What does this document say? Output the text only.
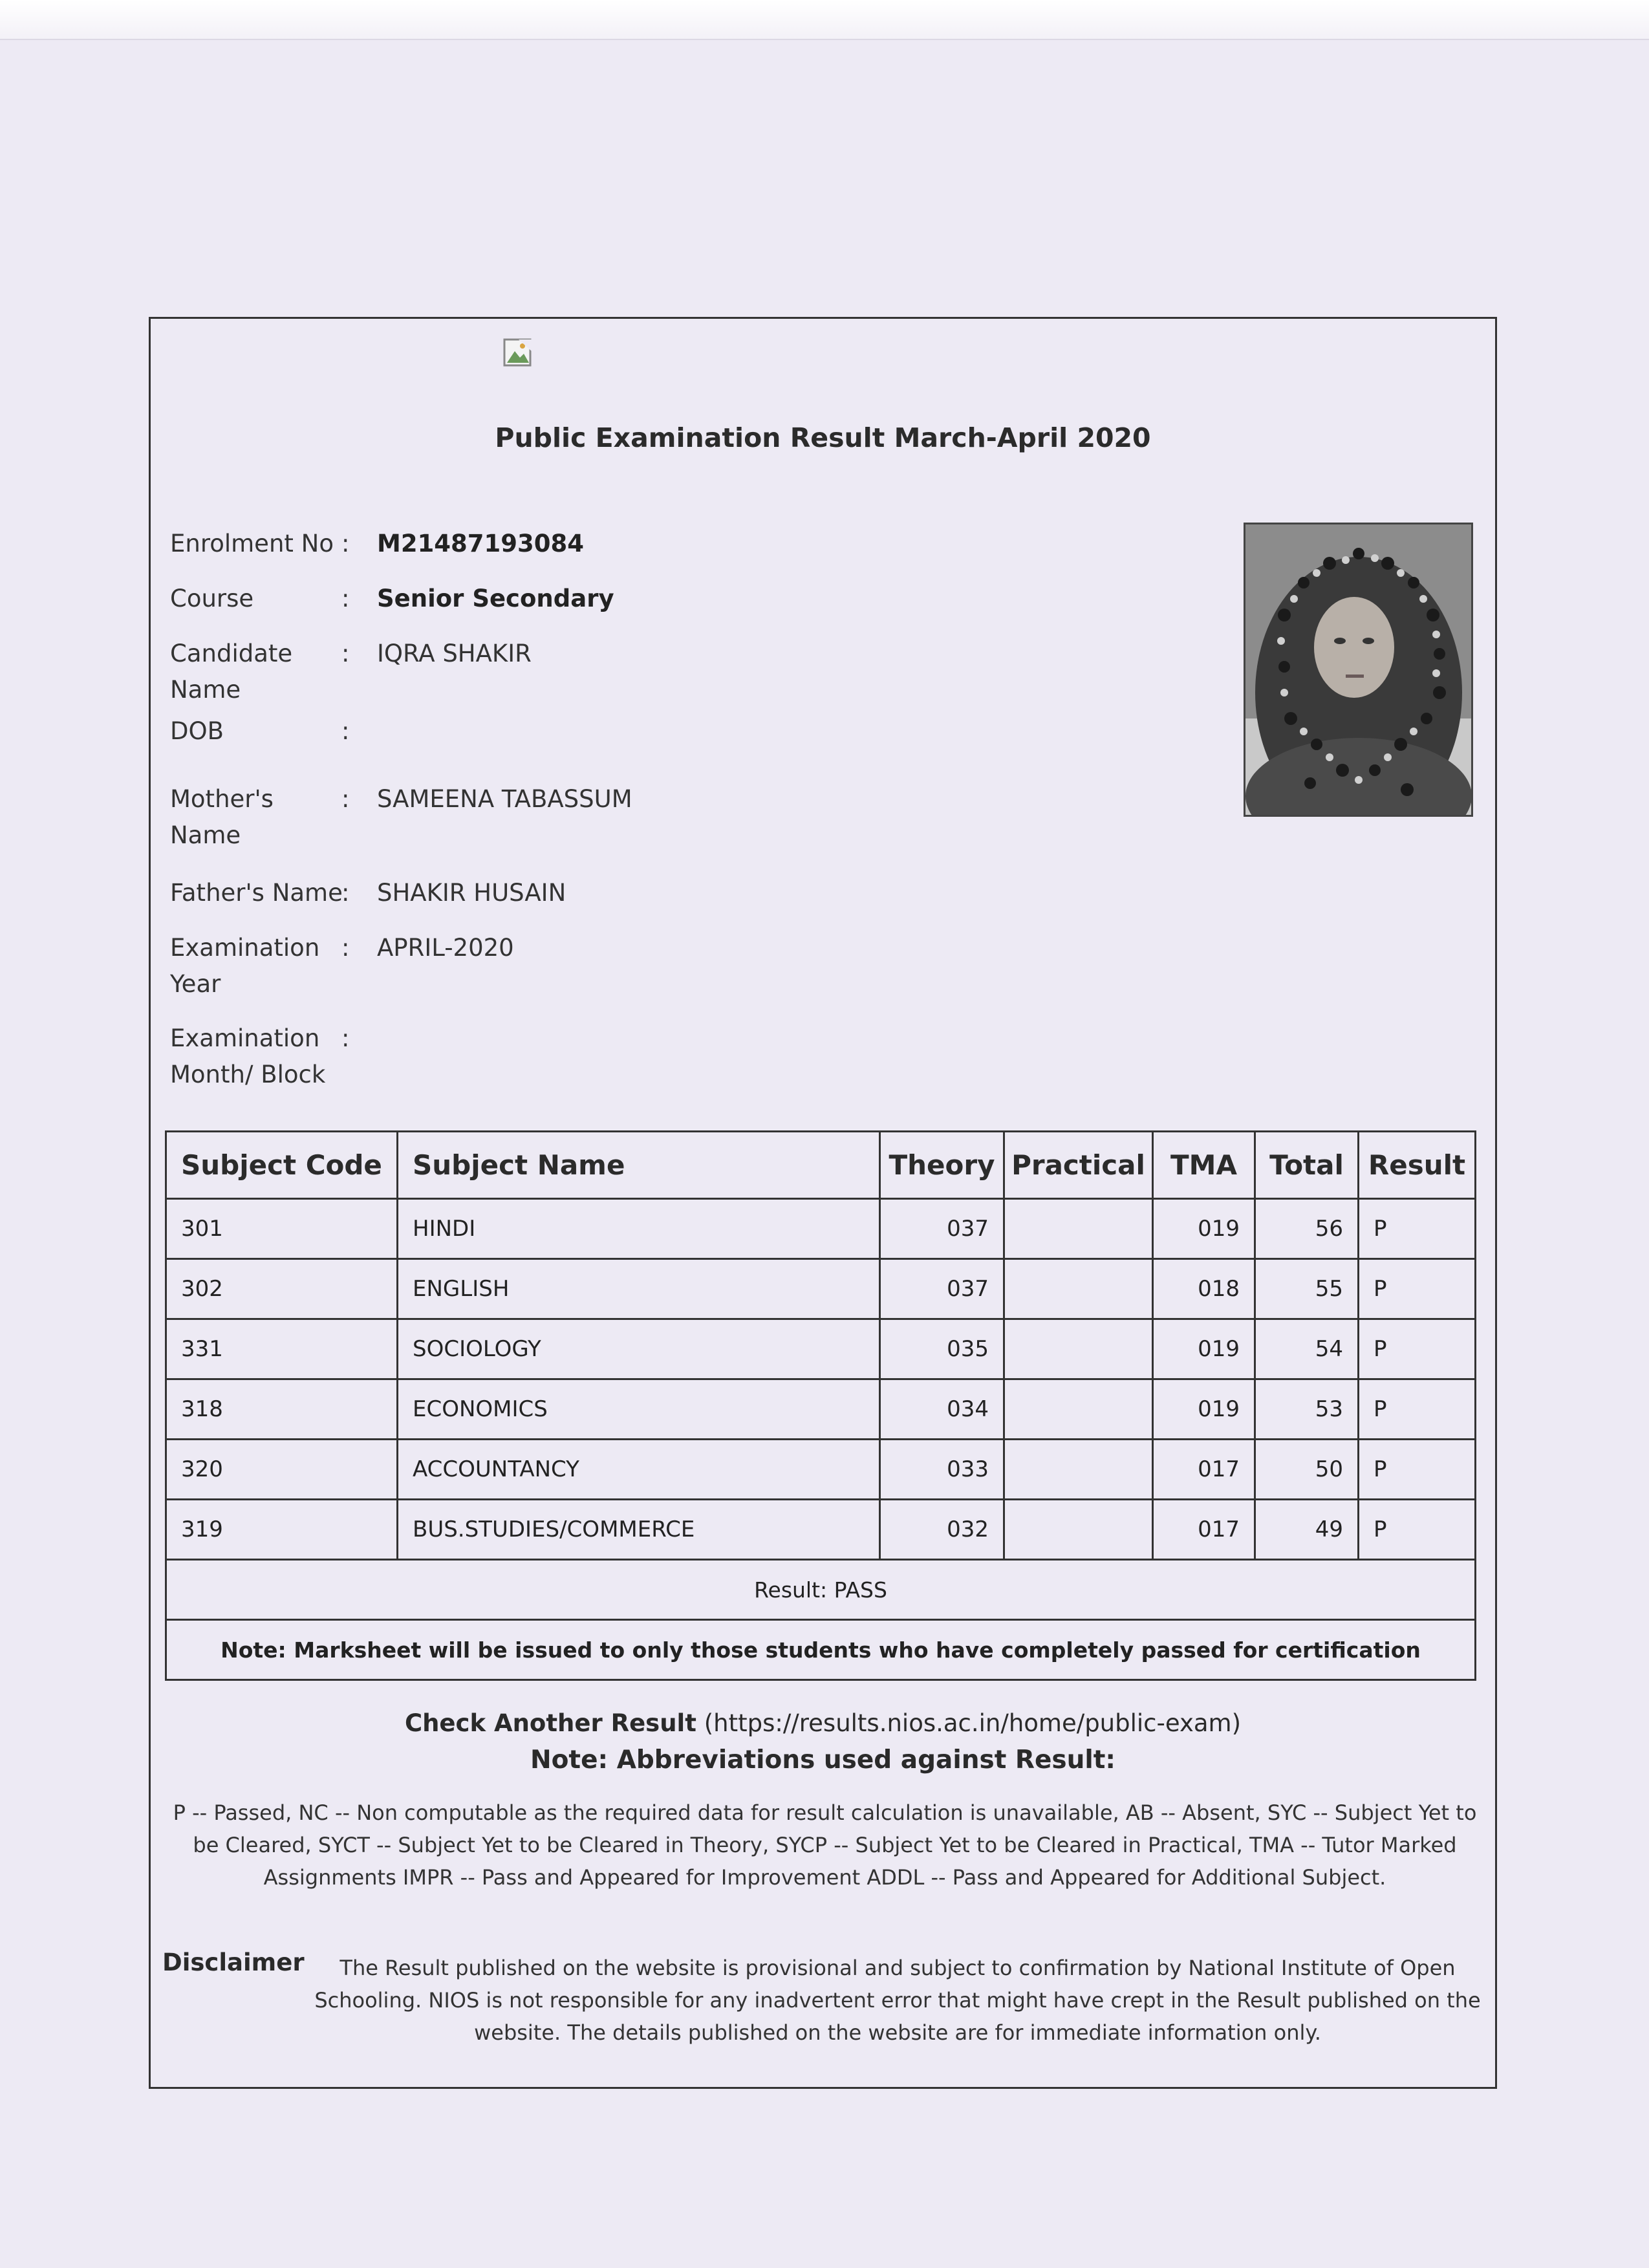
Public Examination Result March-April 2020
Enrolment No : M21487193084
Course	: Senior Secondary
Candidate Name
: IQRA SHAKIR
DOB	:
Mother's Name
: SAMEENA TABASSUM
Father's Name
: SHAKIR HUSAIN
Examination Year
: APRIL-2020
Examination Month/ Block
:
Subject Code	Subject Name	Theory	Practical	TMA	Total	Result
301	HINDI	037		019	56	P
302	ENGLISH	037		018	55	P
331	SOCIOLOGY	035		019	54	P
318	ECONOMICS	034		019	53	P
320	ACCOUNTANCY	033		017	50	P
319	BUS.STUDIES/COMMERCE	032		017	49	P
Result: PASS						
Note: Marksheet will be issued to only those students who have completely passed for certification						
Check Another Result (https://results.nios.ac.in/home/public-exam)
Note: Abbreviations used against Result:
P -- Passed, NC -- Non computable as the required data for result calculation is unavailable, AB -- Absent, SYC -- Subject Yet to be Cleared, SYCT -- Subject Yet to be Cleared in Theory, SYCP -- Subject Yet to be Cleared in Practical, TMA -- Tutor Marked Assignments IMPR -- Pass and Appeared for Improvement ADDL -- Pass and Appeared for Additional Subject.
Disclaimer	The Result published on the website is provisional and subject to confirmation by National Institute of Open Schooling. NIOS is not responsible for any inadvertent error that might have crept in the Result published on the website. The details published on the website are for immediate information only.
